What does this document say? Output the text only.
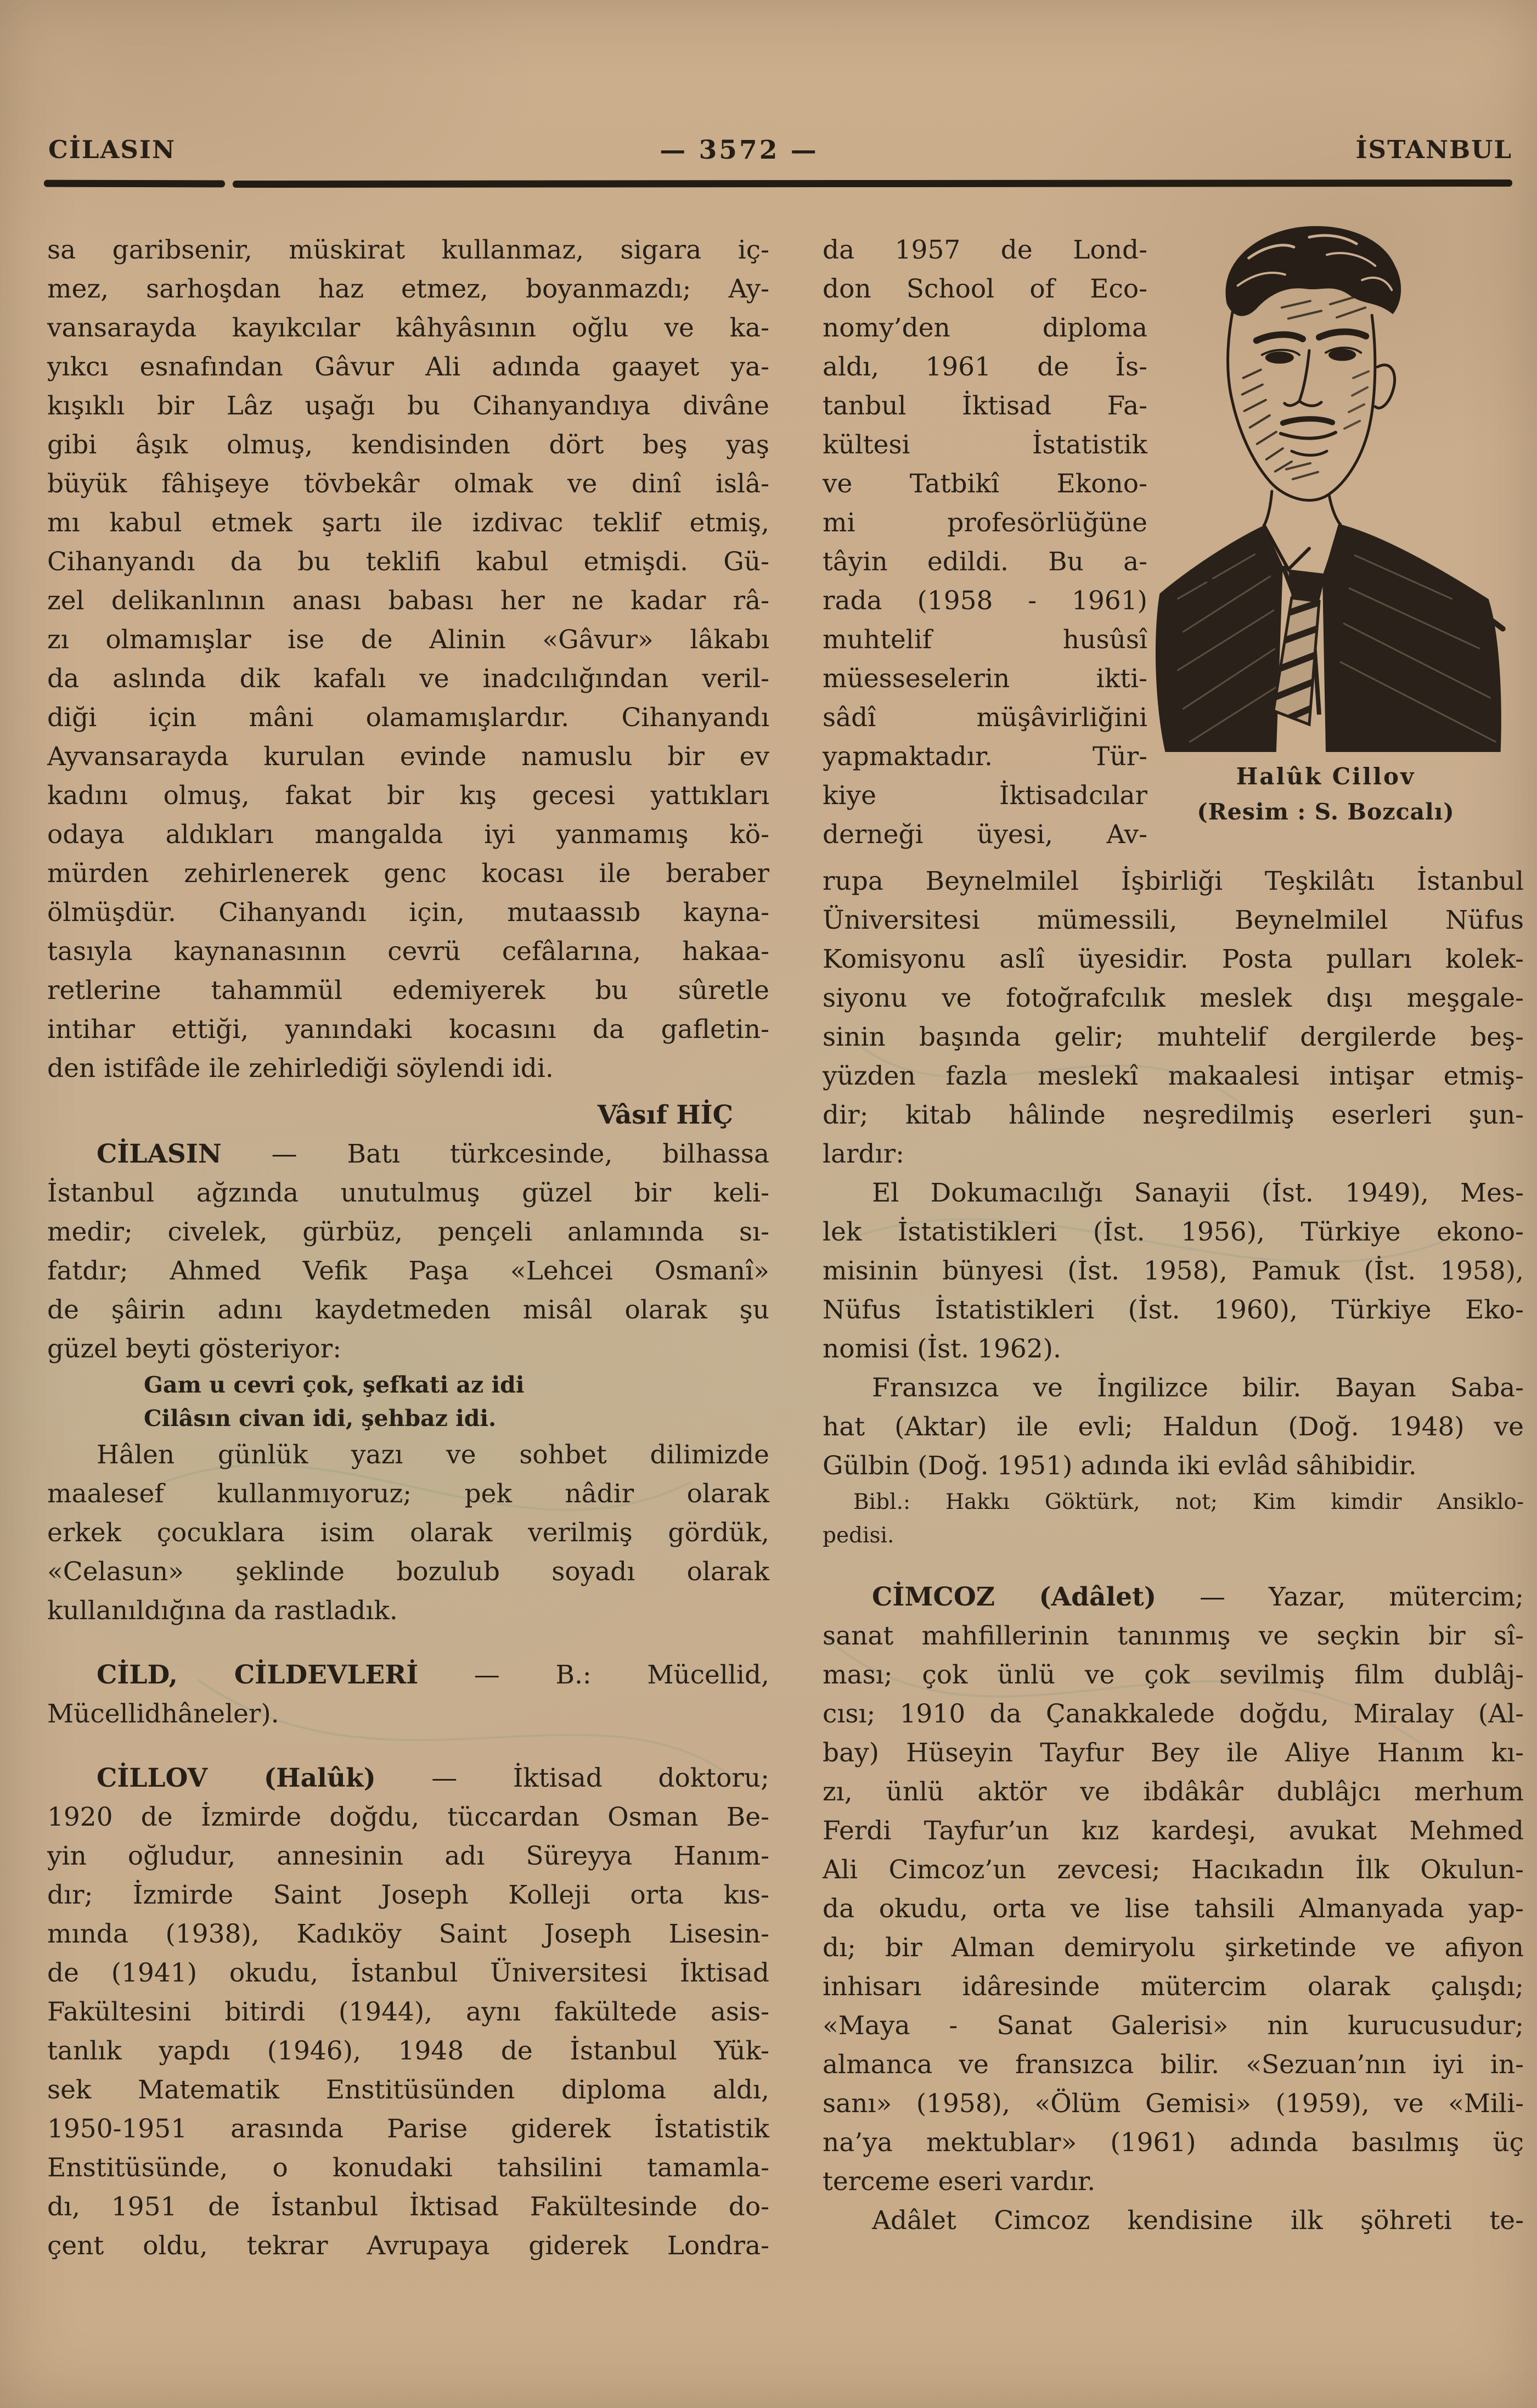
CİLASIN	— 3572 —	İSTANBUL
sa garibsenir, müskirat kullanmaz, sigara iç-
mez, sarhoşdan haz etmez, boyanmazdı; Ay-
vansarayda kayıkcılar kâhyâsının oğlu ve ka-
yıkcı esnafından Gâvur Ali adında gaayet ya-
kışıklı bir Lâz uşağı bu Cihanyandıya divâne
gibi âşık olmuş, kendisinden dört beş yaş
büyük fâhişeye tövbekâr olmak ve dinî islâ-
mı kabul etmek şartı ile izdivac teklif etmiş,
Cihanyandı da bu teklifi kabul etmişdi. Gü-
zel delikanlının anası babası her ne kadar râ-
zı olmamışlar ise de Alinin «Gâvur» lâkabı
da aslında dik kafalı ve inadcılığından veril-
diği için mâni olamamışlardır. Cihanyandı
Ayvansarayda kurulan evinde namuslu bir ev
kadını olmuş, fakat bir kış gecesi yattıkları
odaya aldıkları mangalda iyi yanmamış kö-
mürden zehirlenerek genc kocası ile beraber
ölmüşdür. Cihanyandı için, mutaassıb kayna-
tasıyla kaynanasının cevrü cefâlarına, hakaa-
retlerine tahammül edemiyerek bu sûretle
intihar ettiği, yanındaki kocasını da gafletin-
den istifâde ile zehirlediği söylendi idi.
Vâsıf HİÇ
CİLASIN — Batı türkcesinde, bilhassa
İstanbul ağzında unutulmuş güzel bir keli-
medir; civelek, gürbüz, pençeli anlamında sı-
fatdır; Ahmed Vefik Paşa «Lehcei Osmanî»
de şâirin adını kaydetmeden misâl olarak şu
güzel beyti gösteriyor:
Gam u cevri çok, şefkati az idi
Cilâsın civan idi, şehbaz idi.
Hâlen günlük yazı ve sohbet dilimizde
maalesef kullanmıyoruz; pek nâdir olarak
erkek çocuklara isim olarak verilmiş gördük,
«Celasun» şeklinde bozulub soyadı olarak
kullanıldığına da rastladık.
CİLD, CİLDEVLERİ — B.: Mücellid,
Mücellidhâneler).
CİLLOV (Halûk) — İktisad doktoru;
1920 de İzmirde doğdu, tüccardan Osman Be-
yin oğludur, annesinin adı Süreyya Hanım-
dır; İzmirde Saint Joseph Kolleji orta kıs-
mında (1938), Kadıköy Saint Joseph Lisesin-
de (1941) okudu, İstanbul Üniversitesi İktisad
Fakültesini bitirdi (1944), aynı fakültede asis-
tanlık yapdı (1946), 1948 de İstanbul Yük-
sek Matematik Enstitüsünden diploma aldı,
1950-1951 arasında Parise giderek İstatistik
Enstitüsünde, o konudaki tahsilini tamamla-
dı, 1951 de İstanbul İktisad Fakültesinde do-
çent oldu, tekrar Avrupaya giderek Londra-
da 1957 de Lond-
don School of Eco-
nomy’den diploma
aldı, 1961 de İs-
tanbul İktisad Fa-
kültesi İstatistik
ve Tatbikî Ekono-
mi profesörlüğüne
tâyin edildi. Bu a-
rada (1958 - 1961)
muhtelif husûsî
müesseselerin ikti-
sâdî müşâvirliğini
yapmaktadır. Tür-
kiye İktisadcılar
derneği üyesi, Av-
rupa Beynelmilel İşbirliği Teşkilâtı İstanbul
Üniversitesi mümessili, Beynelmilel Nüfus
Komisyonu aslî üyesidir. Posta pulları kolek-
siyonu ve fotoğrafcılık meslek dışı meşgale-
sinin başında gelir; muhtelif dergilerde beş-
yüzden fazla meslekî makaalesi intişar etmiş-
dir; kitab hâlinde neşredilmiş eserleri şun-
lardır:
El Dokumacılığı Sanayii (İst. 1949), Mes-
lek İstatistikleri (İst. 1956), Türkiye ekono-
misinin bünyesi (İst. 1958), Pamuk (İst. 1958),
Nüfus İstatistikleri (İst. 1960), Türkiye Eko-
nomisi (İst. 1962).
Fransızca ve İngilizce bilir. Bayan Saba-
hat (Aktar) ile evli; Haldun (Doğ. 1948) ve
Gülbin (Doğ. 1951) adında iki evlâd sâhibidir.
Bibl.: Hakkı Göktürk, not; Kim kimdir Ansiklo-
pedisi.
CİMCOZ (Adâlet) — Yazar, mütercim;
sanat mahfillerinin tanınmış ve seçkin bir sî-
ması; çok ünlü ve çok sevilmiş film dublâj-
cısı; 1910 da Çanakkalede doğdu, Miralay (Al-
bay) Hüseyin Tayfur Bey ile Aliye Hanım kı-
zı, ünlü aktör ve ibdâkâr dublâjcı merhum
Ferdi Tayfur’un kız kardeşi, avukat Mehmed
Ali Cimcoz’un zevcesi; Hacıkadın İlk Okulun-
da okudu, orta ve lise tahsili Almanyada yap-
dı; bir Alman demiryolu şirketinde ve afiyon
inhisarı idâresinde mütercim olarak çalışdı;
«Maya - Sanat Galerisi» nin kurucusudur;
almanca ve fransızca bilir. «Sezuan’nın iyi in-
sanı» (1958), «Ölüm Gemisi» (1959), ve «Mili-
na’ya mektublar» (1961) adında basılmış üç
terceme eseri vardır.
Adâlet Cimcoz kendisine ilk şöhreti te-
Halûk Cillov
(Resim : S. Bozcalı)
